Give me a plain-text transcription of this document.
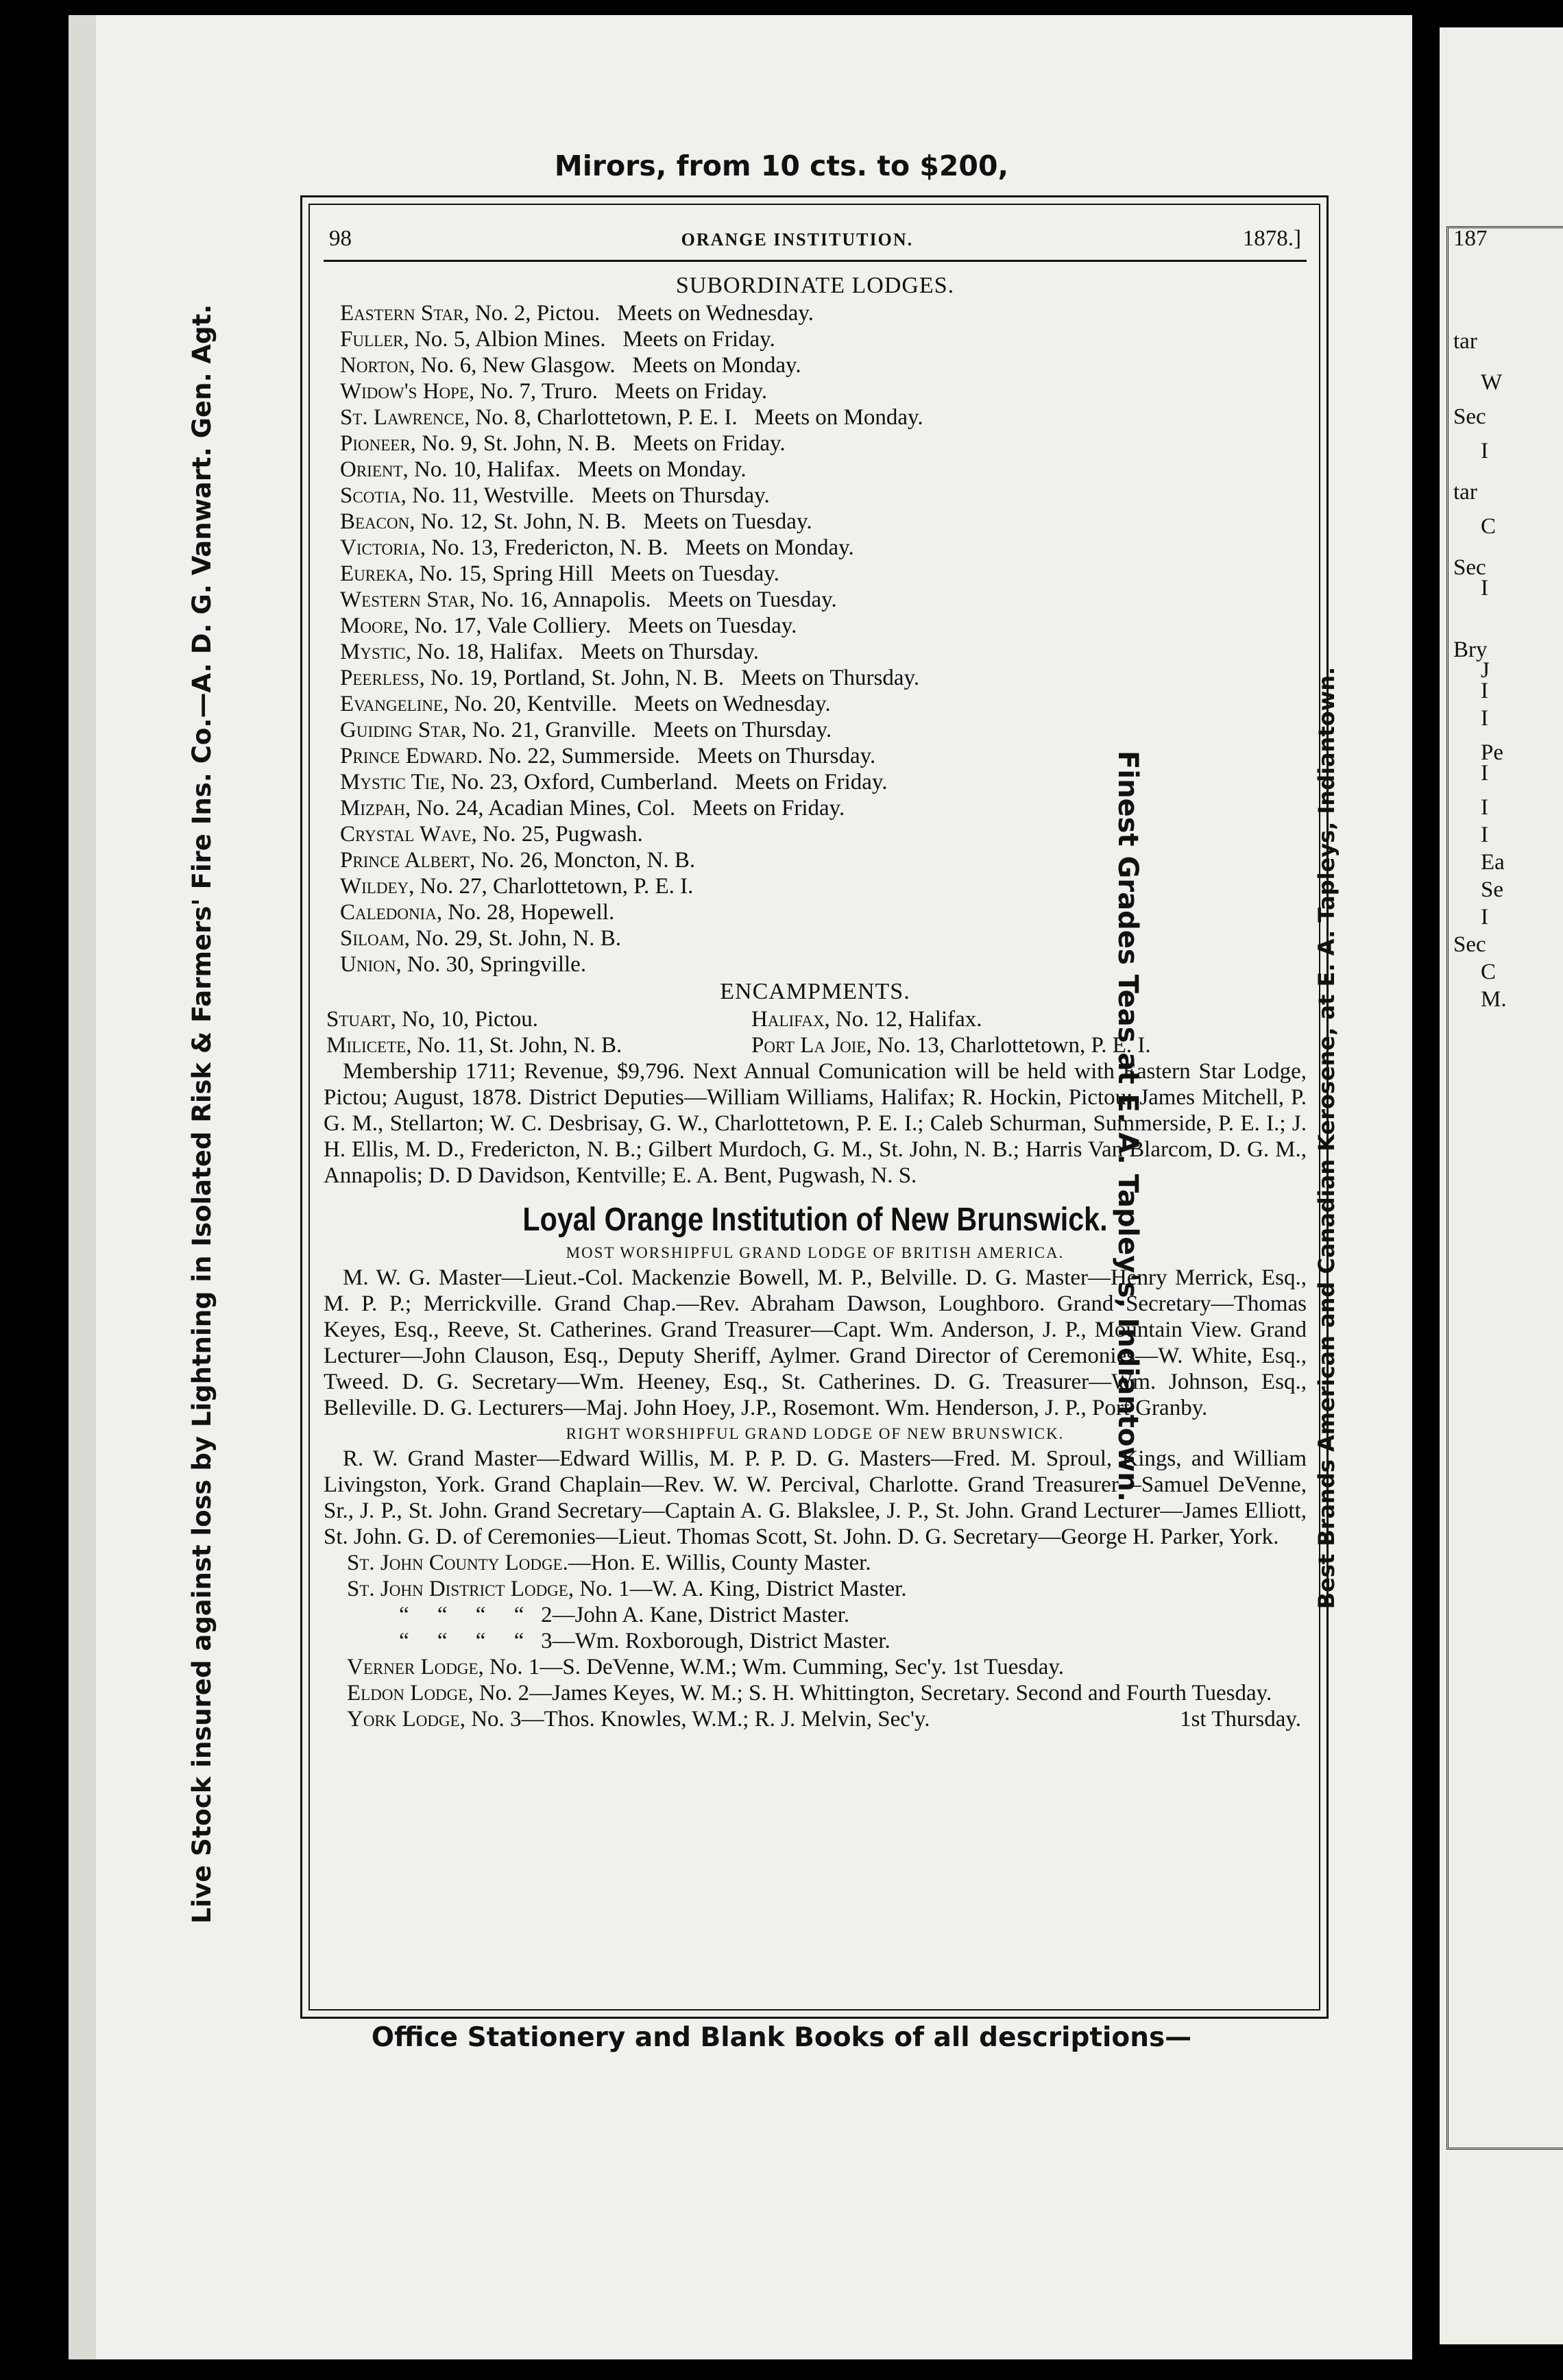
187
tar
W
Sec
I
tar
C
Sec
I
Bry
J
I
I
Pe
I
I
I
Ea
Se
I
Sec
C
M.
Mirors, from 10 cts. to $200,
Office Stationery and Blank Books of all descriptions—
Live Stock insured against loss by Lightning in Isolated Risk & Farmers' Fire Ins. Co.—A. D. G. Vanwart. Gen. Agt.	Finest Grades Teas at E. A. Tapley's, Indiantown.	Best Brands American and Canadian Kerosene, at E. A. Tapleys, Indiantown.
98	ORANGE INSTITUTION.	1878.]
SUBORDINATE LODGES.
Eastern Star, No. 2, Pictou.   Meets on Wednesday.
Fuller, No. 5, Albion Mines.   Meets on Friday.
Norton, No. 6, New Glasgow.   Meets on Monday.
Widow's Hope, No. 7, Truro.   Meets on Friday.
St. Lawrence, No. 8, Charlottetown, P. E. I.   Meets on Monday.
Pioneer, No. 9, St. John, N. B.   Meets on Friday.
Orient, No. 10, Halifax.   Meets on Monday.
Scotia, No. 11, Westville.   Meets on Thursday.
Beacon, No. 12, St. John, N. B.   Meets on Tuesday.
Victoria, No. 13, Fredericton, N. B.   Meets on Monday.
Eureka, No. 15, Spring Hill   Meets on Tuesday.
Western Star, No. 16, Annapolis.   Meets on Tuesday.
Moore, No. 17, Vale Colliery.   Meets on Tuesday.
Mystic, No. 18, Halifax.   Meets on Thursday.
Peerless, No. 19, Portland, St. John, N. B.   Meets on Thursday.
Evangeline, No. 20, Kentville.   Meets on Wednesday.
Guiding Star, No. 21, Granville.   Meets on Thursday.
Prince Edward. No. 22, Summerside.   Meets on Thursday.
Mystic Tie, No. 23, Oxford, Cumberland.   Meets on Friday.
Mizpah, No. 24, Acadian Mines, Col.   Meets on Friday.
Crystal Wave, No. 25, Pugwash.
Prince Albert, No. 26, Moncton, N. B.
Wildey, No. 27, Charlottetown, P. E. I.
Caledonia, No. 28, Hopewell.
Siloam, No. 29, St. John, N. B.
Union, No. 30, Springville.
ENCAMPMENTS.
Stuart, No, 10, Pictou.	Halifax, No. 12, Halifax.
Milicete, No. 11, St. John, N. B.	Port La Joie, No. 13, Charlottetown, P. E. I.
Membership 1711; Revenue, $9,796. Next Annual Comunication will be held with Eastern Star Lodge, Pictou; August, 1878. District Deputies—William Williams, Halifax; R. Hockin, Pictou; James Mitchell, P. G. M., Stellarton; W. C. Desbrisay, G. W., Charlottetown, P. E. I.; Caleb Schurman, Summerside, P. E. I.; J. H. Ellis, M. D., Fredericton, N. B.; Gilbert Murdoch, G. M., St. John, N. B.; Harris Van Blarcom, D. G. M., Annapolis; D. D Davidson, Kentville; E. A. Bent, Pugwash, N. S.
Loyal Orange Institution of New Brunswick.
MOST WORSHIPFUL GRAND LODGE OF BRITISH AMERICA.
M. W. G. Master—Lieut.-Col. Mackenzie Bowell, M. P., Belville. D. G. Master—Henry Merrick, Esq., M. P. P.; Merrickville. Grand Chap.—Rev. Abraham Dawson, Loughboro. Grand Secretary—Thomas Keyes, Esq., Reeve, St. Catherines. Grand Treasurer—Capt. Wm. Anderson, J. P., Mountain View. Grand Lecturer—John Clauson, Esq., Deputy Sheriff, Aylmer. Grand Director of Ceremonies—W. White, Esq., Tweed. D. G. Secretary—Wm. Heeney, Esq., St. Catherines. D. G. Treasurer—Wm. Johnson, Esq., Belleville. D. G. Lecturers—Maj. John Hoey, J.P., Rosemont. Wm. Henderson, J. P., Port Granby.
RIGHT WORSHIPFUL GRAND LODGE OF NEW BRUNSWICK.
R. W. Grand Master—Edward Willis, M. P. P. D. G. Masters—Fred. M. Sproul, Kings, and William Livingston, York. Grand Chaplain—Rev. W. W. Percival, Charlotte. Grand Treasurer—Samuel DeVenne, Sr., J. P., St. John. Grand Secretary—Captain A. G. Blakslee, J. P., St. John. Grand Lecturer—James Elliott, St. John. G. D. of Ceremonies—Lieut. Thomas Scott, St. John. D. G. Secretary—George H. Parker, York.
St. John County Lodge.—Hon. E. Willis, County Master.
St. John District Lodge, No. 1—W. A. King, District Master.
“     “     “     “   2—John A. Kane, District Master.
“     “     “     “   3—Wm. Roxborough, District Master.
Verner Lodge, No. 1—S. DeVenne, W.M.; Wm. Cumming, Sec'y. 1st Tuesday.
Eldon Lodge, No. 2—James Keyes, W. M.; S. H. Whittington, Secretary. Second and Fourth Tuesday.
York Lodge, No. 3—Thos. Knowles, W.M.; R. J. Melvin, Sec'y.	1st Thursday.
